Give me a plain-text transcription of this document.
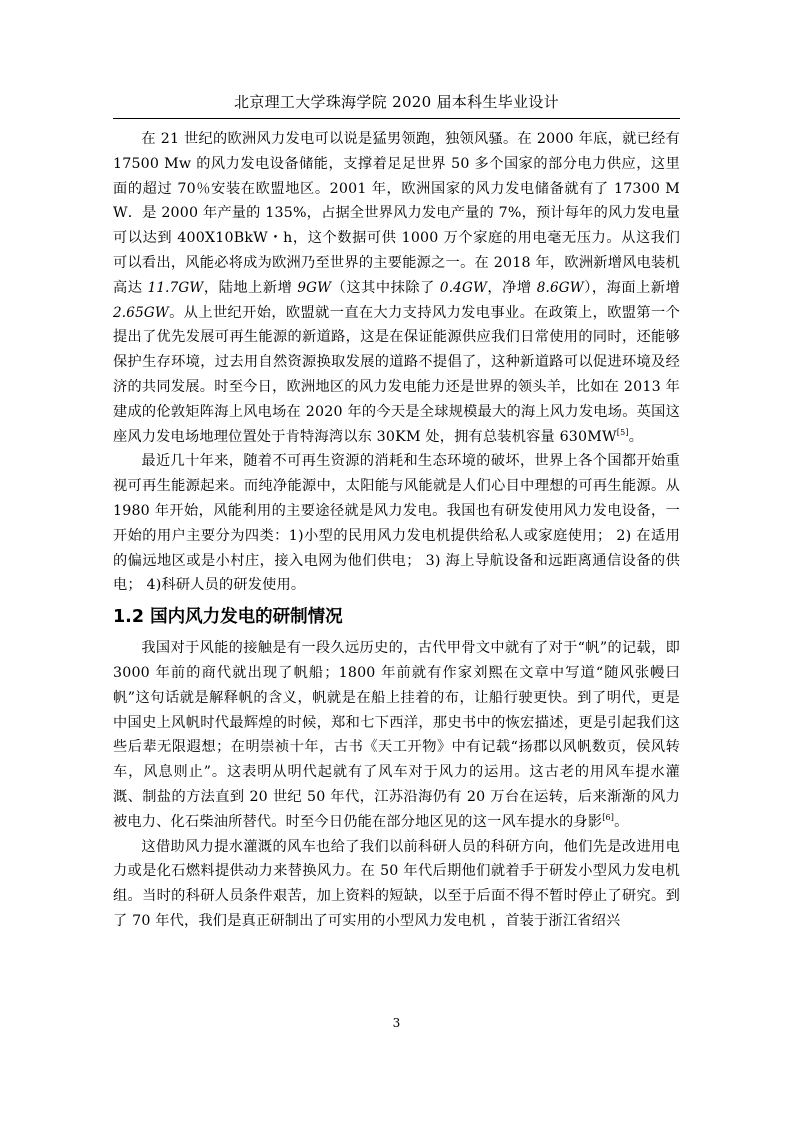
北京理工大学珠海学院 2020 届本科生毕业设计

在 21 世纪的欧洲风力发电可以说是猛男领跑，独领风骚。在 2000 年底，就已经有 17500 Mw 的风力发电设备储能，支撑着足足世界 50 多个国家的部分电力供应，这里面的超过 70％安装在欧盟地区。2001 年，欧洲国家的风力发电储备就有了 17300 MW．是 2000 年产量的 135%，占据全世界风力发电产量的 7%，预计每年的风力发电量可以达到 400X10BkW・h，这个数据可供 1000 万个家庭的用电毫无压力。从这我们可以看出，风能必将成为欧洲乃至世界的主要能源之一。在 2018 年，欧洲新增风电装机高达 11.7GW，陆地上新增 9GW（这其中抹除了 0.4GW，净增 8.6GW），海面上新增 2.65GW。从上世纪开始，欧盟就一直在大力支持风力发电事业。在政策上，欧盟第一个提出了优先发展可再生能源的新道路，这是在保证能源供应我们日常使用的同时，还能够保护生存环境，过去用自然资源换取发展的道路不提倡了，这种新道路可以促进环境及经济的共同发展。时至今日，欧洲地区的风力发电能力还是世界的领头羊，比如在 2013 年建成的伦敦矩阵海上风电场在 2020 年的今天是全球规模最大的海上风力发电场。英国这座风力发电场地理位置处于肯特海湾以东 30KM 处，拥有总装机容量 630MW[5]。

最近几十年来，随着不可再生资源的消耗和生态环境的破坏，世界上各个国都开始重视可再生能源起来。而纯净能源中，太阳能与风能就是人们心目中理想的可再生能源。从 1980 年开始，风能利用的主要途径就是风力发电。我国也有研发使用风力发电设备，一开始的用户主要分为四类：1)小型的民用风力发电机提供给私人或家庭使用； 2) 在适用的偏远地区或是小村庄，接入电网为他们供电； 3) 海上导航设备和远距离通信设备的供电； 4)科研人员的研发使用。

1.2 国内风力发电的研制情况

我国对于风能的接触是有一段久远历史的，古代甲骨文中就有了对于“帆”的记载，即 3000 年前的商代就出现了帆船；1800 年前就有作家刘熙在文章中写道“随风张幔曰帆”这句话就是解释帆的含义，帆就是在船上挂着的布，让船行驶更快。到了明代，更是中国史上风帆时代最辉煌的时候，郑和七下西洋，那史书中的恢宏描述，更是引起我们这些后辈无限遐想；在明崇祯十年，古书《天工开物》中有记载“扬郡以风帆数页，侯风转车，风息则止”。这表明从明代起就有了风车对于风力的运用。这古老的用风车提水灌溉、制盐的方法直到 20 世纪 50 年代，江苏沿海仍有 20 万台在运转，后来渐渐的风力被电力、化石柴油所替代。时至今日仍能在部分地区见的这一风车提水的身影[6]。

这借助风力提水灌溉的风车也给了我们以前科研人员的科研方向，他们先是改进用电力或是化石燃料提供动力来替换风力。在 50 年代后期他们就着手于研发小型风力发电机组。当时的科研人员条件艰苦，加上资料的短缺，以至于后面不得不暂时停止了研究。到了 70 年代，我们是真正研制出了可实用的小型风力发电机 ，首装于浙江省绍兴

3
